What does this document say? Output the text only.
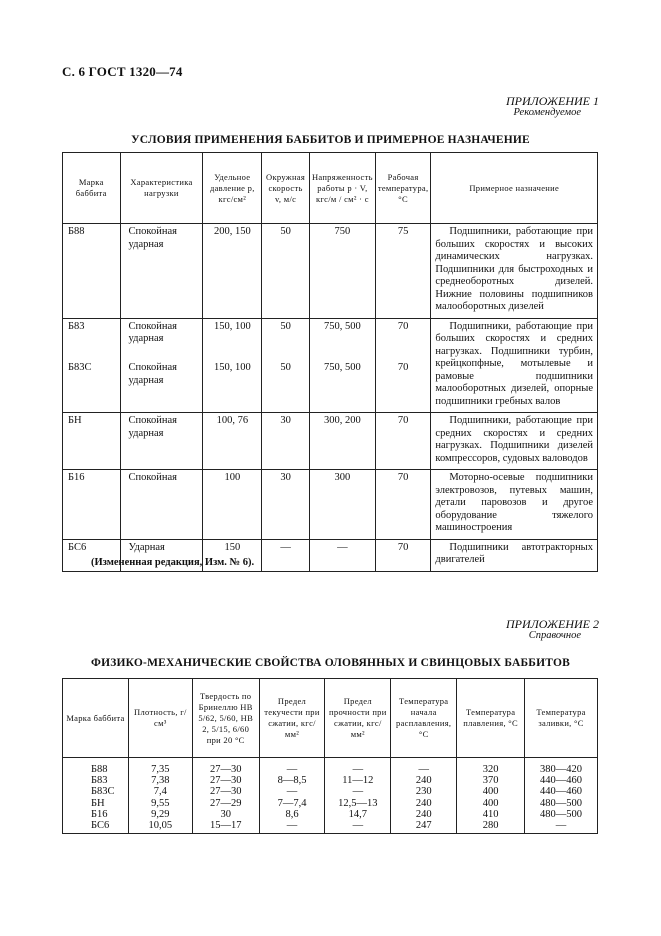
С. 6 ГОСТ 1320—74
ПРИЛОЖЕНИЕ 1
Рекомендуемое
УСЛОВИЯ ПРИМЕНЕНИЯ БАББИТОВ И ПРИМЕРНОЕ НАЗНАЧЕНИЕ
Марка баббита	Характеристика нагрузки	Удельное давление p, кгс/см²	Окружная скорость v, м/с	Напряженность работы p · V, кгс/м / см² · с	Рабочая температура, °С	Примерное назначение
Б88	Спокойная ударная	200, 150	50	750	75	Подшипники, работающие при больших скоростях и высоких динамических нагрузках. Подшипники для быстроходных и среднеоборотных дизелей. Нижние половины подшипников малооборотных дизелей
Б83	Спокойная ударная	150, 100	50	750, 500	70	Подшипники, работающие при больших скоростях и средних нагрузках. Подшипники турбин, крейцкопфные, мотылевые и рамовые подшипники малооборотных дизелей, опорные подшипники гребных валов
Б83С	Спокойная ударная	150, 100	50	750, 500	70	
БН	Спокойная ударная	100, 76	30	300, 200	70	Подшипники, работающие при средних скоростях и средних нагрузках. Подшипники дизелей компрессоров, судовых валоводов
Б16	Спокойная	100	30	300	70	Моторно-осевые подшипники электровозов, путевых машин, детали паровозов и другое оборудование тяжелого машиностроения
БС6	Ударная	150	—	—	70	Подшипники автотракторных двигателей
(Измененная редакция, Изм. № 6).
ПРИЛОЖЕНИЕ 2
Справочное
ФИЗИКО-МЕХАНИЧЕСКИЕ СВОЙСТВА ОЛОВЯННЫХ И СВИНЦОВЫХ БАББИТОВ
Марка баббита	Плотность, г/см³	Твердость по Бринеллю НВ 5/62, 5/60, НВ 2, 5/15, 6/60 при 20 °С	Предел текучести при сжатии, кгс/мм²	Предел прочности при сжатии, кгс/мм²	Температура начала расплавления, °С	Температура плавления, °С	Температура заливки, °С
Б88	7,35	27—30	—	—	—	320	380—420
Б83	7,38	27—30	8—8,5	11—12	240	370	440—460
Б83С	7,4	27—30	—	—	230	400	440—460
БН	9,55	27—29	7—7,4	12,5—13	240	400	480—500
Б16	9,29	30	8,6	14,7	240	410	480—500
БС6	10,05	15—17	—	—	247	280	—
